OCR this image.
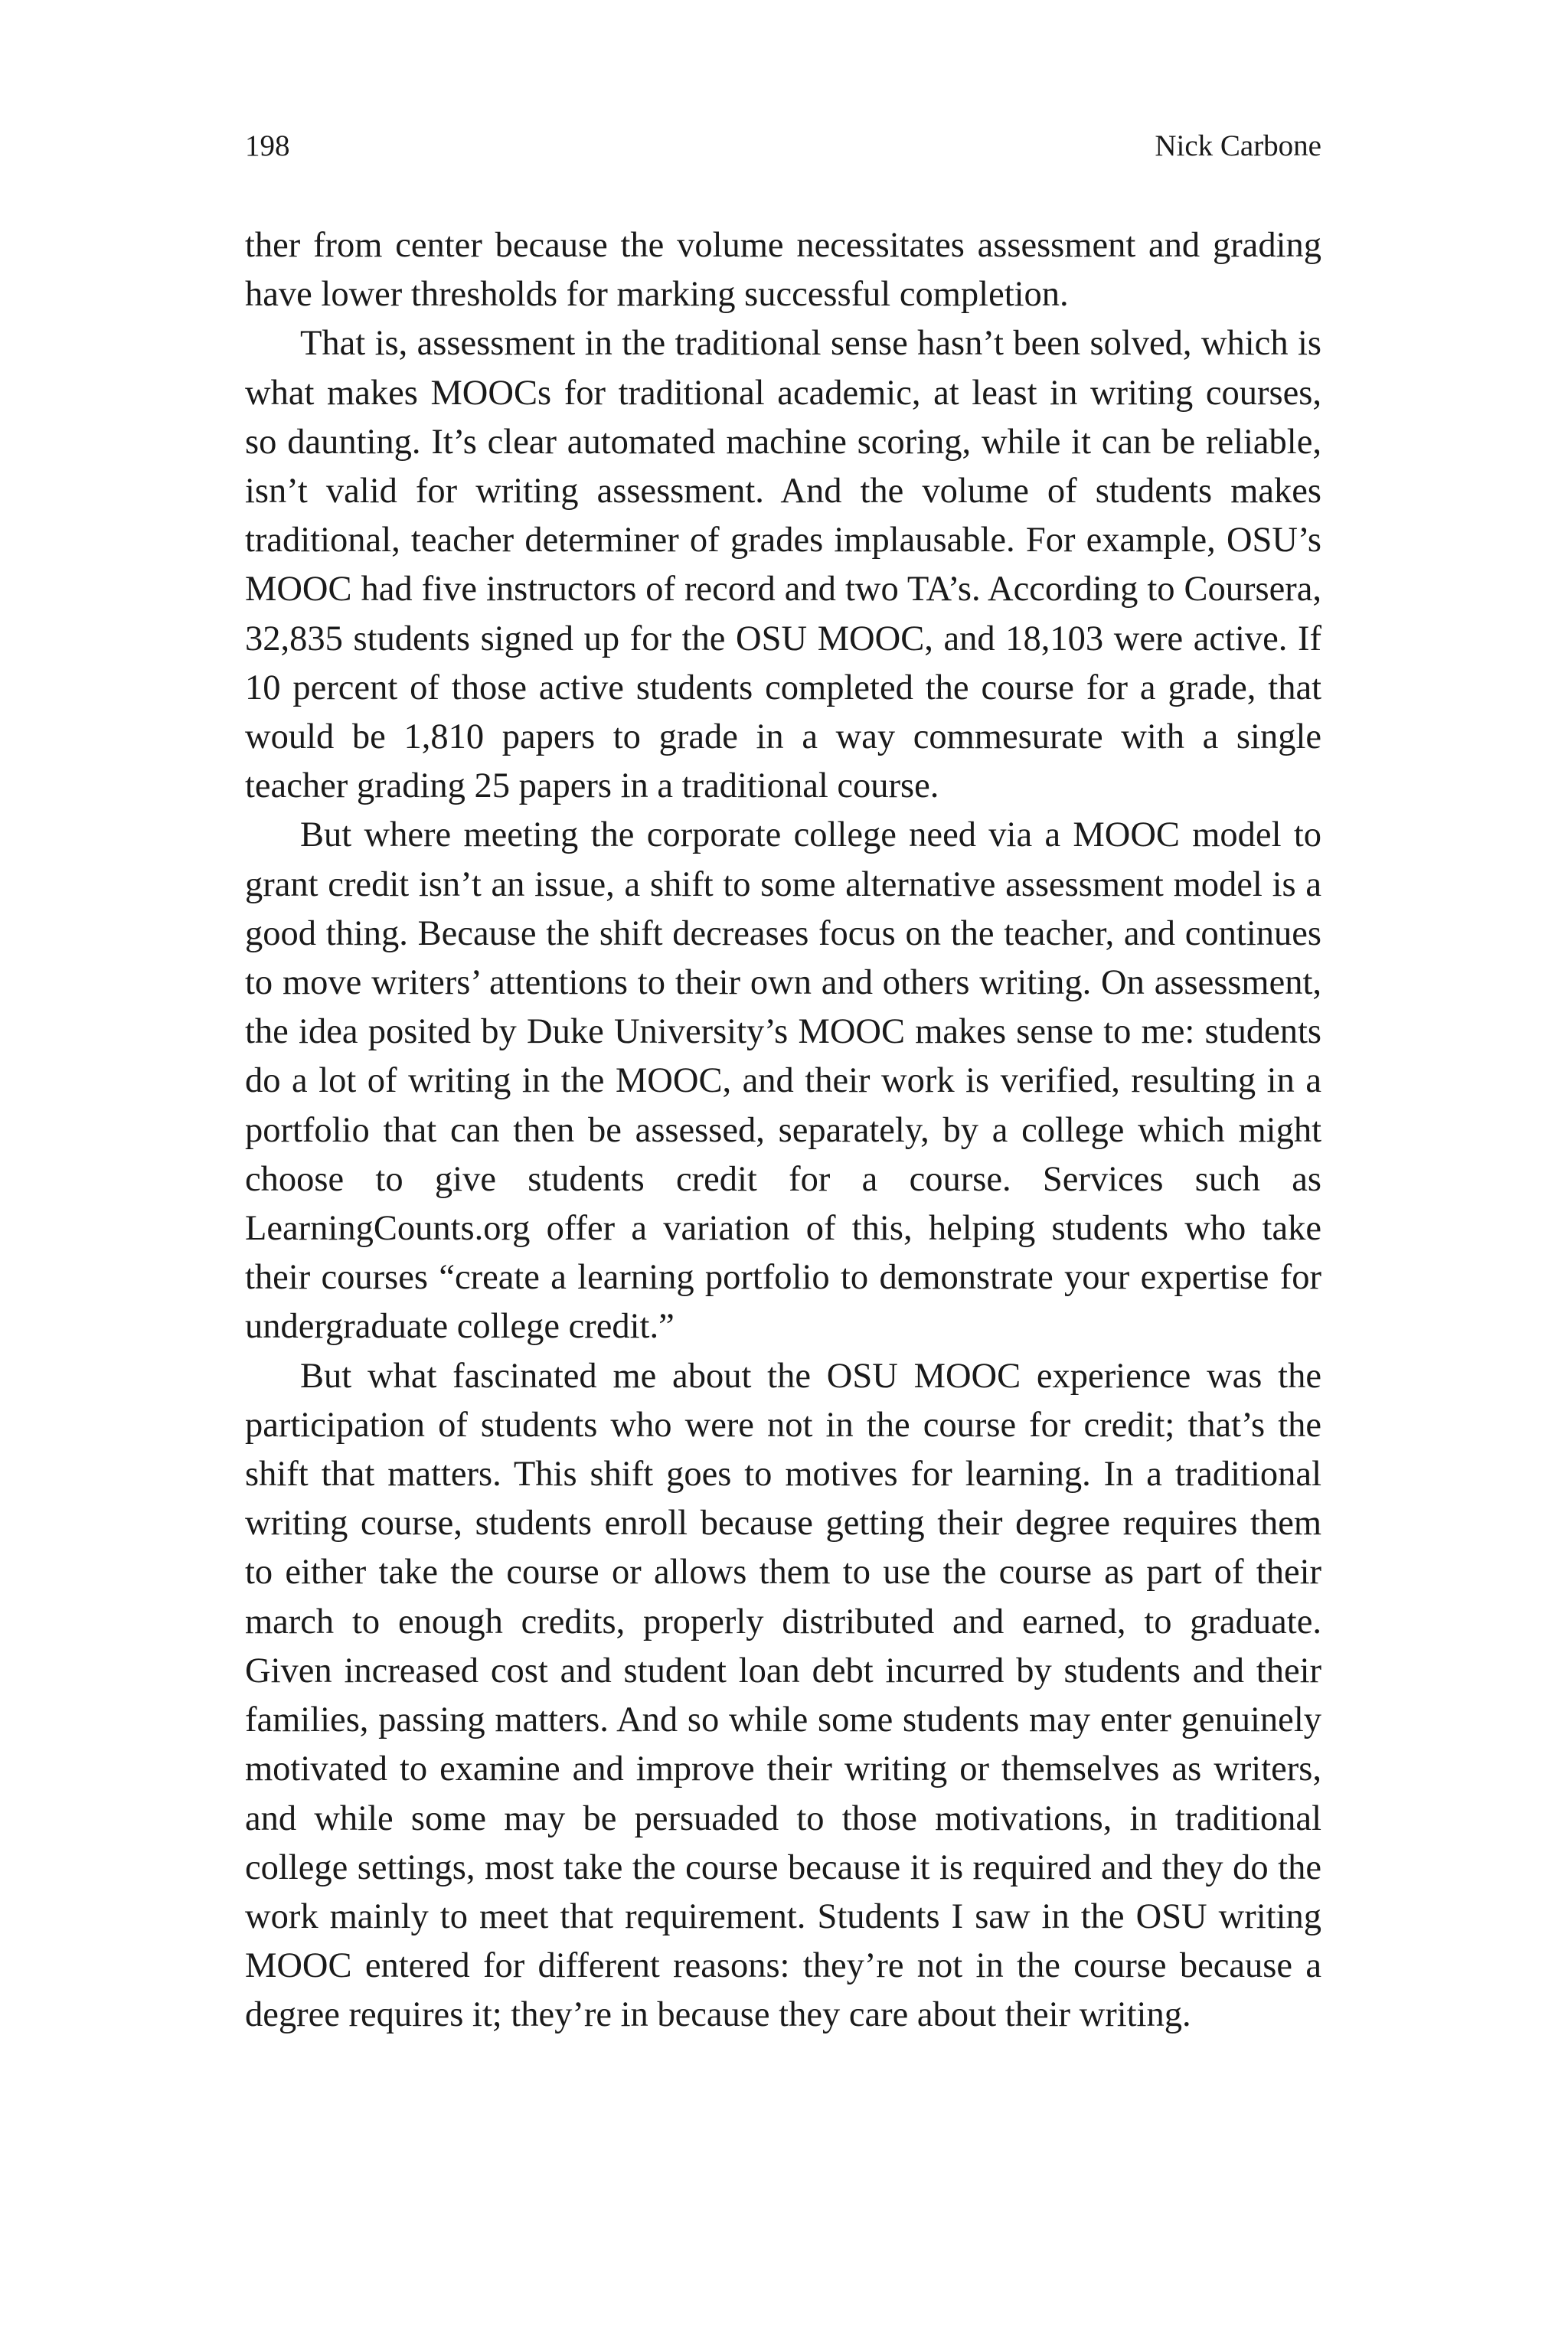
198	Nick Carbone

ther from center because the volume necessitates assessment and grading have lower thresholds for marking successful completion.

That is, assessment in the traditional sense hasn’t been solved, which is what makes MOOCs for traditional academic, at least in writing courses, so daunting. It’s clear automated machine scoring, while it can be reliable, isn’t valid for writing assessment. And the volume of students makes traditional, teacher determiner of grades implausable. For example, OSU’s MOOC had five instructors of record and two TA’s. According to Coursera, 32,835 students signed up for the OSU MOOC, and 18,103 were active. If 10 percent of those active students completed the course for a grade, that would be 1,810 papers to grade in a way commesurate with a single teacher grading 25 papers in a traditional course.

But where meeting the corporate college need via a MOOC model to grant credit isn’t an issue, a shift to some alternative assessment model is a good thing. Because the shift decreases focus on the teacher, and continues to move writers’ attentions to their own and others writing. On assessment, the idea posited by Duke University’s MOOC makes sense to me: students do a lot of writing in the MOOC, and their work is verified, resulting in a portfolio that can then be assessed, separately, by a college which might choose to give students credit for a course. Services such as LearningCounts.org offer a variation of this, helping students who take their courses “create a learning portfolio to demonstrate your expertise for undergraduate college credit.”

But what fascinated me about the OSU MOOC experience was the participation of students who were not in the course for credit; that’s the shift that matters. This shift goes to motives for learning. In a traditional writing course, students enroll because getting their degree requires them to either take the course or allows them to use the course as part of their march to enough credits, properly distributed and earned, to graduate. Given increased cost and student loan debt incurred by students and their families, passing matters. And so while some students may enter genuinely motivated to examine and improve their writing or themselves as writers, and while some may be persuaded to those motivations, in traditional college settings, most take the course because it is required and they do the work mainly to meet that requirement. Students I saw in the OSU writing MOOC entered for different reasons: they’re not in the course because a degree requires it; they’re in because they care about their writing.
